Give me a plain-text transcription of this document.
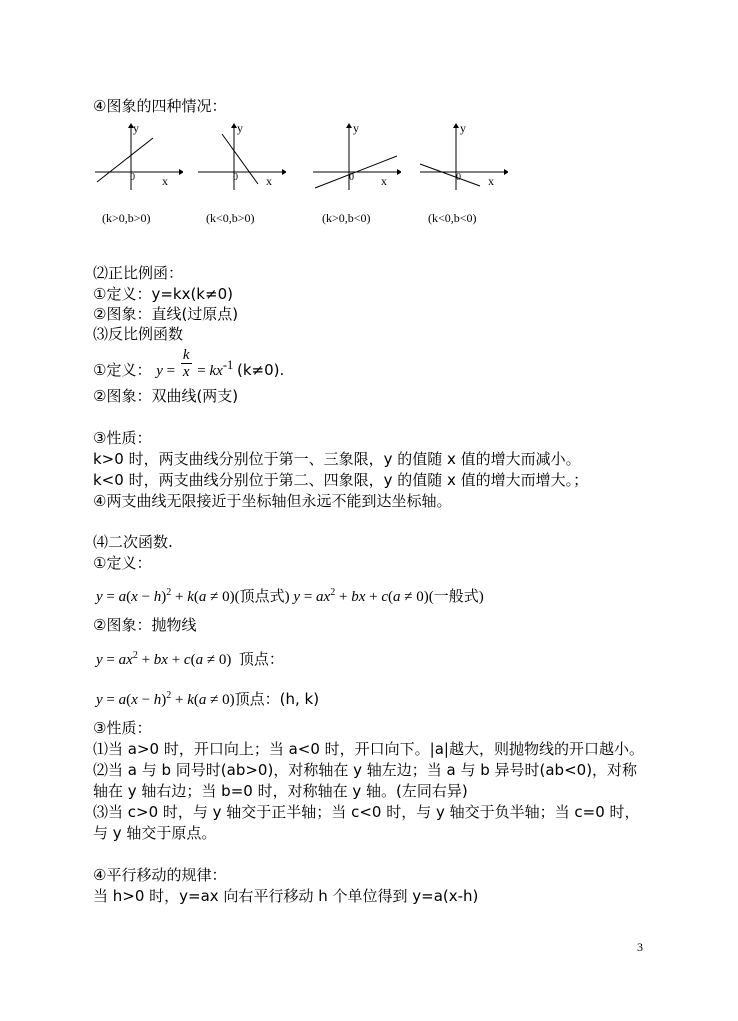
④图象的四种情况：
y
x
0
y
x
0
y
x
0
y
x
0
(k>0,b>0)	(k<0,b>0)	(k>0,b<0)	(k<0,b<0)
⑵正比例函：
①定义：y=kx(k≠0)
②图象：直线(过原点)
⑶反比例函数
①定义： $y = \frac{k}{x} = kx^{-1}$ (k≠0).
②图象：双曲线(两支)
③性质：
k>0 时，两支曲线分别位于第一、三象限，y 的值随 x 值的增大而减小。
k<0 时，两支曲线分别位于第二、四象限，y 的值随 x 值的增大而增大。；
④两支曲线无限接近于坐标轴但永远不能到达坐标轴。
⑷二次函数.
①定义：
$y = a(x - h)^2 + k(a \ne 0)$(顶点式) $y = ax^2$ + bx + c(a ≠ 0)(一般式)
②图象：抛物线
$y = ax^2$ + bx + c(a ≠ 0)  顶点：
$y = a(x - h)^2 + k(a \ne 0)$顶点：(h, k)
③性质：
⑴当 a>0 时，开口向上；当 a<0 时，开口向下。|a|越大，则抛物线的开口越小。
⑵当 a 与 b 同号时(ab>0)，对称轴在 y 轴左边；当 a 与 b 异号时(ab<0)，对称
轴在 y 轴右边；当 b=0 时，对称轴在 y 轴。(左同右异)
⑶当 c>0 时，与 y 轴交于正半轴；当 c<0 时，与 y 轴交于负半轴；当 c=0 时，
与 y 轴交于原点。
④平行移动的规律：
当 h>0 时，y=ax 向右平行移动 h 个单位得到 y=a(x-h)
3
